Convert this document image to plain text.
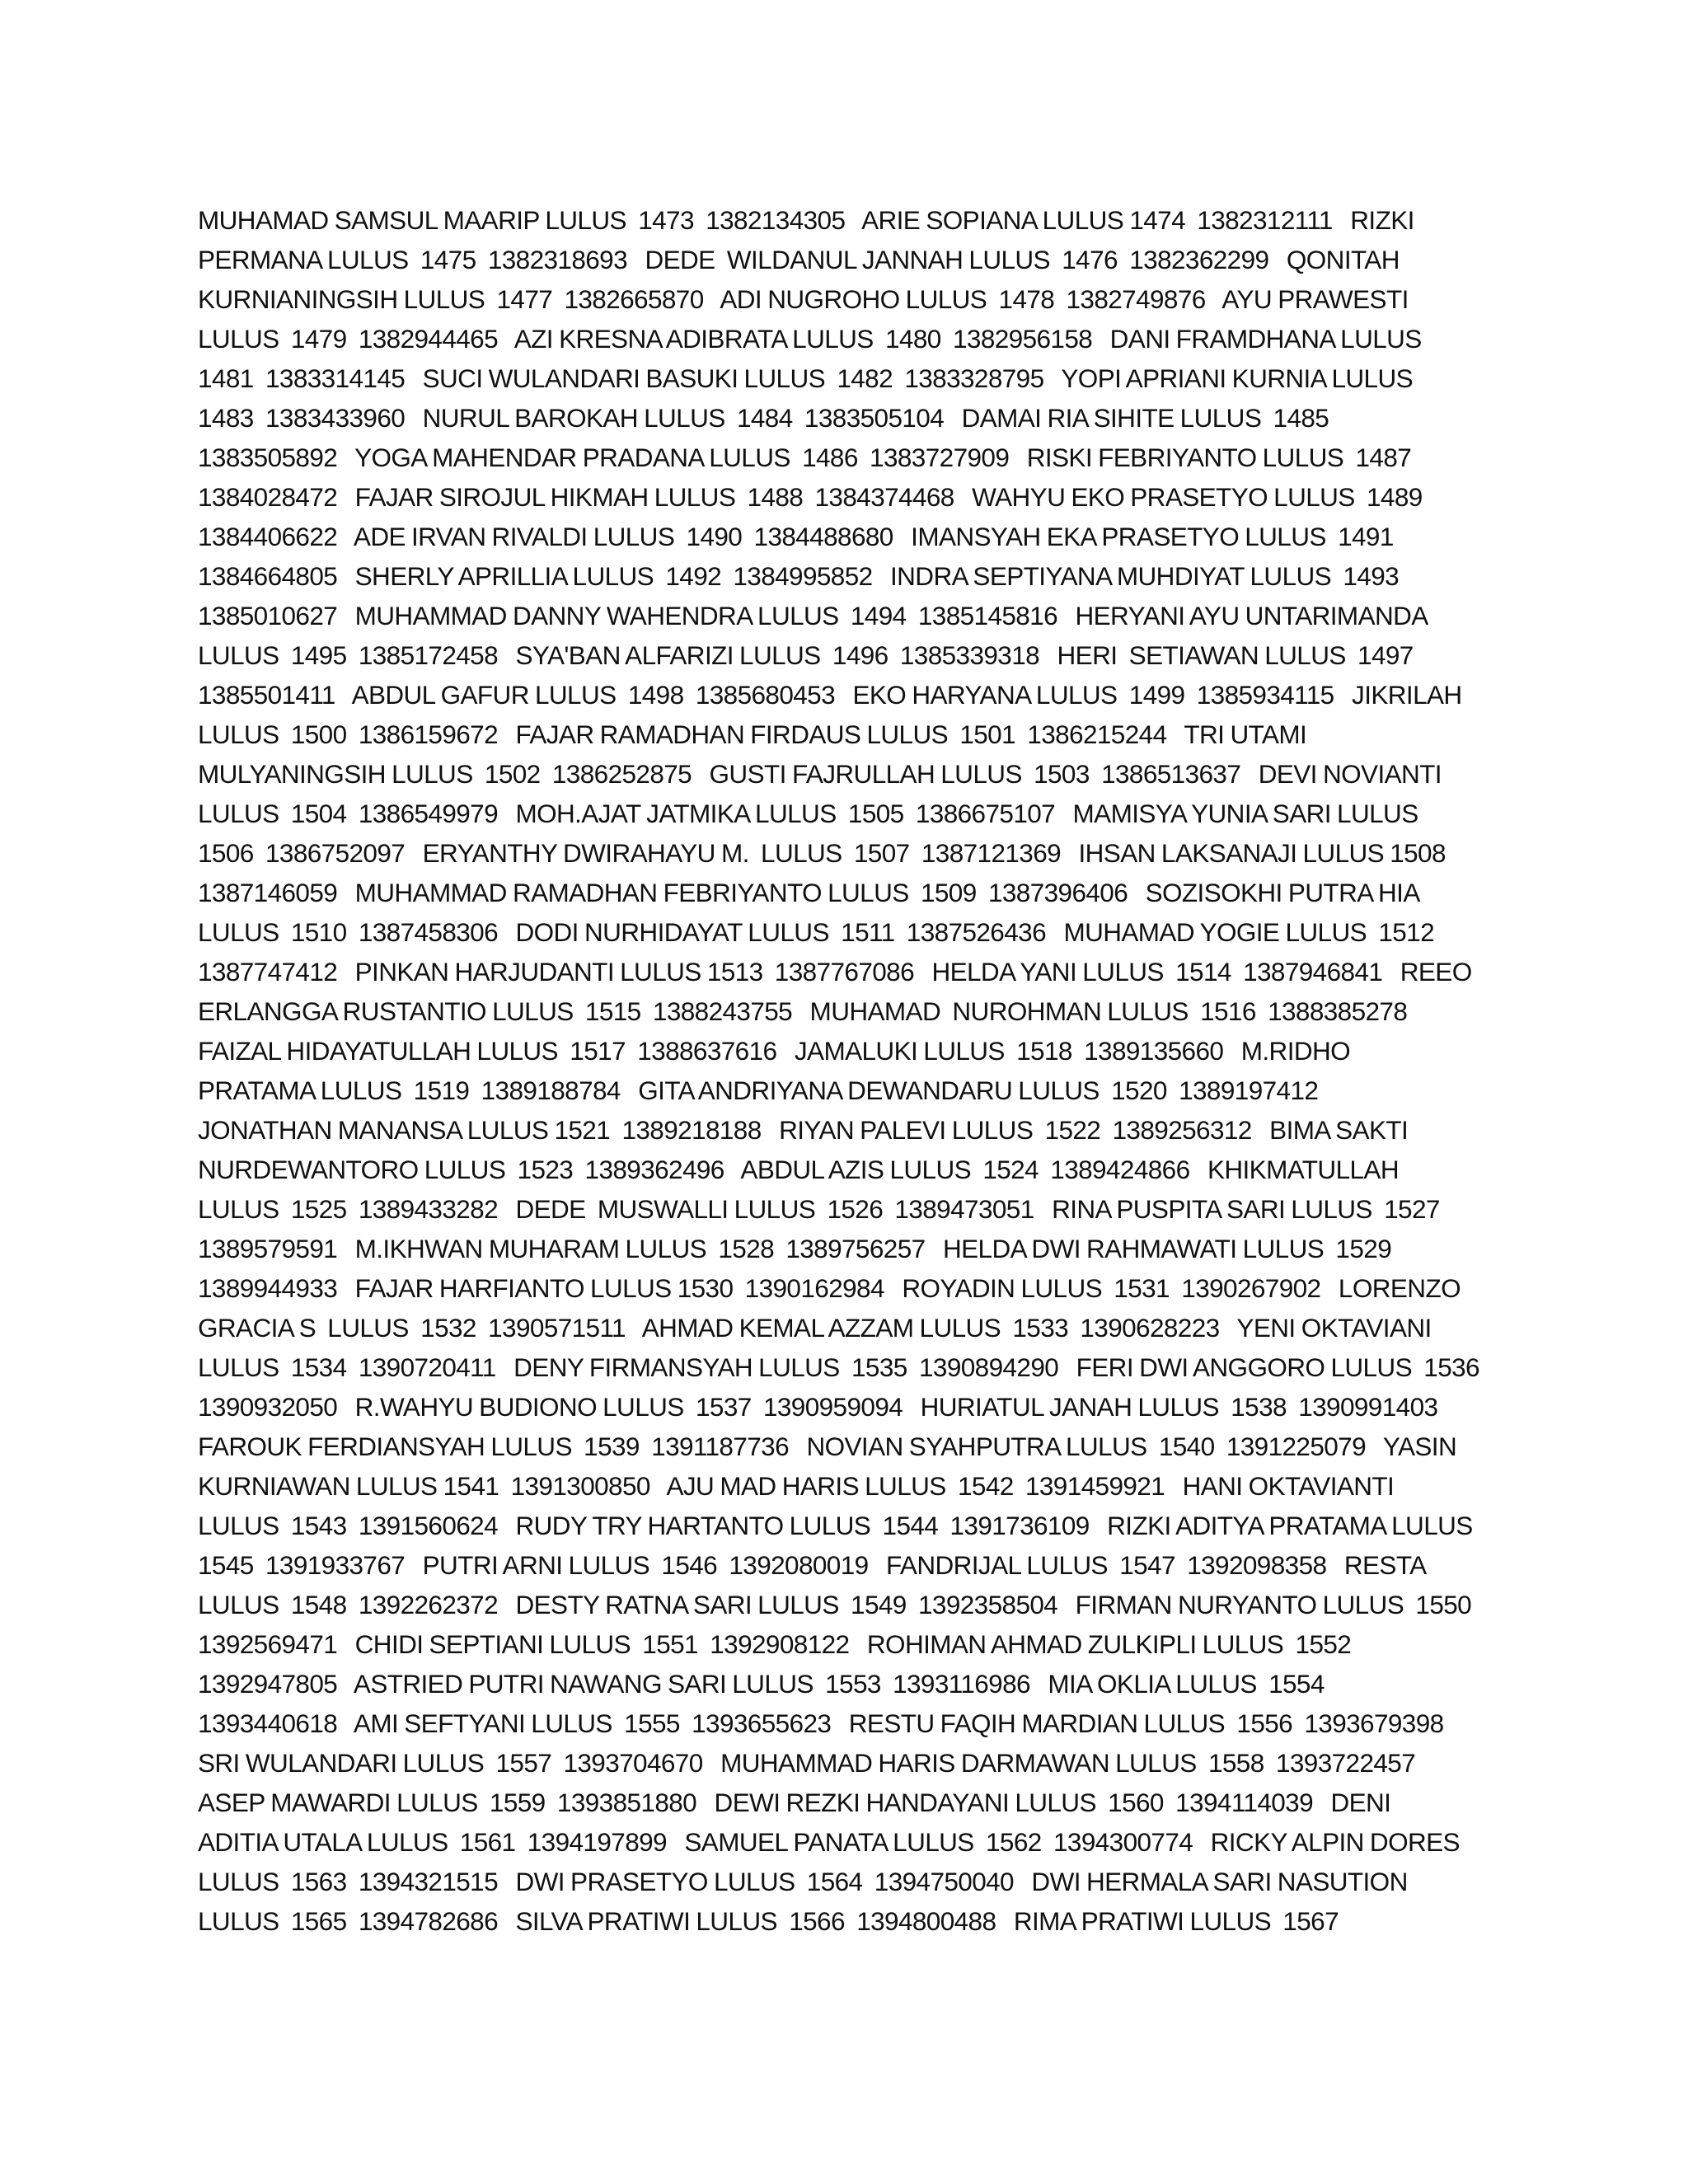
MUHAMAD SAMSUL MAARIP LULUS  1473  1382134305   ARIE SOPIANA LULUS 1474  1382312111   RIZKI
PERMANA LULUS  1475  1382318693   DEDE  WILDANUL JANNAH LULUS  1476  1382362299   QONITAH
KURNIANINGSIH LULUS  1477  1382665870   ADI NUGROHO LULUS  1478  1382749876   AYU PRAWESTI
LULUS  1479  1382944465   AZI KRESNA ADIBRATA LULUS  1480  1382956158   DANI FRAMDHANA LULUS
1481  1383314145   SUCI WULANDARI BASUKI LULUS  1482  1383328795   YOPI APRIANI KURNIA LULUS
1483  1383433960   NURUL BAROKAH LULUS  1484  1383505104   DAMAI RIA SIHITE LULUS  1485
1383505892   YOGA MAHENDAR PRADANA LULUS  1486  1383727909   RISKI FEBRIYANTO LULUS  1487
1384028472   FAJAR SIROJUL HIKMAH LULUS  1488  1384374468   WAHYU EKO PRASETYO LULUS  1489
1384406622   ADE IRVAN RIVALDI LULUS  1490  1384488680   IMANSYAH EKA PRASETYO LULUS  1491
1384664805   SHERLY APRILLIA LULUS  1492  1384995852   INDRA SEPTIYANA MUHDIYAT LULUS  1493
1385010627   MUHAMMAD DANNY WAHENDRA LULUS  1494  1385145816   HERYANI AYU UNTARIMANDA
LULUS  1495  1385172458   SYA'BAN ALFARIZI LULUS  1496  1385339318   HERI  SETIAWAN LULUS  1497
1385501411   ABDUL GAFUR LULUS  1498  1385680453   EKO HARYANA LULUS  1499  1385934115   JIKRILAH
LULUS  1500  1386159672   FAJAR RAMADHAN FIRDAUS LULUS  1501  1386215244   TRI UTAMI
MULYANINGSIH LULUS  1502  1386252875   GUSTI FAJRULLAH LULUS  1503  1386513637   DEVI NOVIANTI
LULUS  1504  1386549979   MOH.AJAT JATMIKA LULUS  1505  1386675107   MAMISYA YUNIA SARI LULUS
1506  1386752097   ERYANTHY DWIRAHAYU M.  LULUS  1507  1387121369   IHSAN LAKSANAJI LULUS 1508
1387146059   MUHAMMAD RAMADHAN FEBRIYANTO LULUS  1509  1387396406   SOZISOKHI PUTRA HIA
LULUS  1510  1387458306   DODI NURHIDAYAT LULUS  1511  1387526436   MUHAMAD YOGIE LULUS  1512
1387747412   PINKAN HARJUDANTI LULUS 1513  1387767086   HELDA YANI LULUS  1514  1387946841   REEO
ERLANGGA RUSTANTIO LULUS  1515  1388243755   MUHAMAD  NUROHMAN LULUS  1516  1388385278
FAIZAL HIDAYATULLAH LULUS  1517  1388637616   JAMALUKI LULUS  1518  1389135660   M.RIDHO
PRATAMA LULUS  1519  1389188784   GITA ANDRIYANA DEWANDARU LULUS  1520  1389197412
JONATHAN MANANSA LULUS 1521  1389218188   RIYAN PALEVI LULUS  1522  1389256312   BIMA SAKTI
NURDEWANTORO LULUS  1523  1389362496   ABDUL AZIS LULUS  1524  1389424866   KHIKMATULLAH
LULUS  1525  1389433282   DEDE  MUSWALLI LULUS  1526  1389473051   RINA PUSPITA SARI LULUS  1527
1389579591   M.IKHWAN MUHARAM LULUS  1528  1389756257   HELDA DWI RAHMAWATI LULUS  1529
1389944933   FAJAR HARFIANTO LULUS 1530  1390162984   ROYADIN LULUS  1531  1390267902   LORENZO
GRACIA S  LULUS  1532  1390571511   AHMAD KEMAL AZZAM LULUS  1533  1390628223   YENI OKTAVIANI
LULUS  1534  1390720411   DENY FIRMANSYAH LULUS  1535  1390894290   FERI DWI ANGGORO LULUS  1536
1390932050   R.WAHYU BUDIONO LULUS  1537  1390959094   HURIATUL JANAH LULUS  1538  1390991403
FAROUK FERDIANSYAH LULUS  1539  1391187736   NOVIAN SYAHPUTRA LULUS  1540  1391225079   YASIN
KURNIAWAN LULUS 1541  1391300850   AJU MAD HARIS LULUS  1542  1391459921   HANI OKTAVIANTI
LULUS  1543  1391560624   RUDY TRY HARTANTO LULUS  1544  1391736109   RIZKI ADITYA PRATAMA LULUS
1545  1391933767   PUTRI ARNI LULUS  1546  1392080019   FANDRIJAL LULUS  1547  1392098358   RESTA
LULUS  1548  1392262372   DESTY RATNA SARI LULUS  1549  1392358504   FIRMAN NURYANTO LULUS  1550
1392569471   CHIDI SEPTIANI LULUS  1551  1392908122   ROHIMAN AHMAD ZULKIPLI LULUS  1552
1392947805   ASTRIED PUTRI NAWANG SARI LULUS  1553  1393116986   MIA OKLIA LULUS  1554
1393440618   AMI SEFTYANI LULUS  1555  1393655623   RESTU FAQIH MARDIAN LULUS  1556  1393679398
SRI WULANDARI LULUS  1557  1393704670   MUHAMMAD HARIS DARMAWAN LULUS  1558  1393722457
ASEP MAWARDI LULUS  1559  1393851880   DEWI REZKI HANDAYANI LULUS  1560  1394114039   DENI
ADITIA UTALA LULUS  1561  1394197899   SAMUEL PANATA LULUS  1562  1394300774   RICKY ALPIN DORES
LULUS  1563  1394321515   DWI PRASETYO LULUS  1564  1394750040   DWI HERMALA SARI NASUTION
LULUS  1565  1394782686   SILVA PRATIWI LULUS  1566  1394800488   RIMA PRATIWI LULUS  1567
